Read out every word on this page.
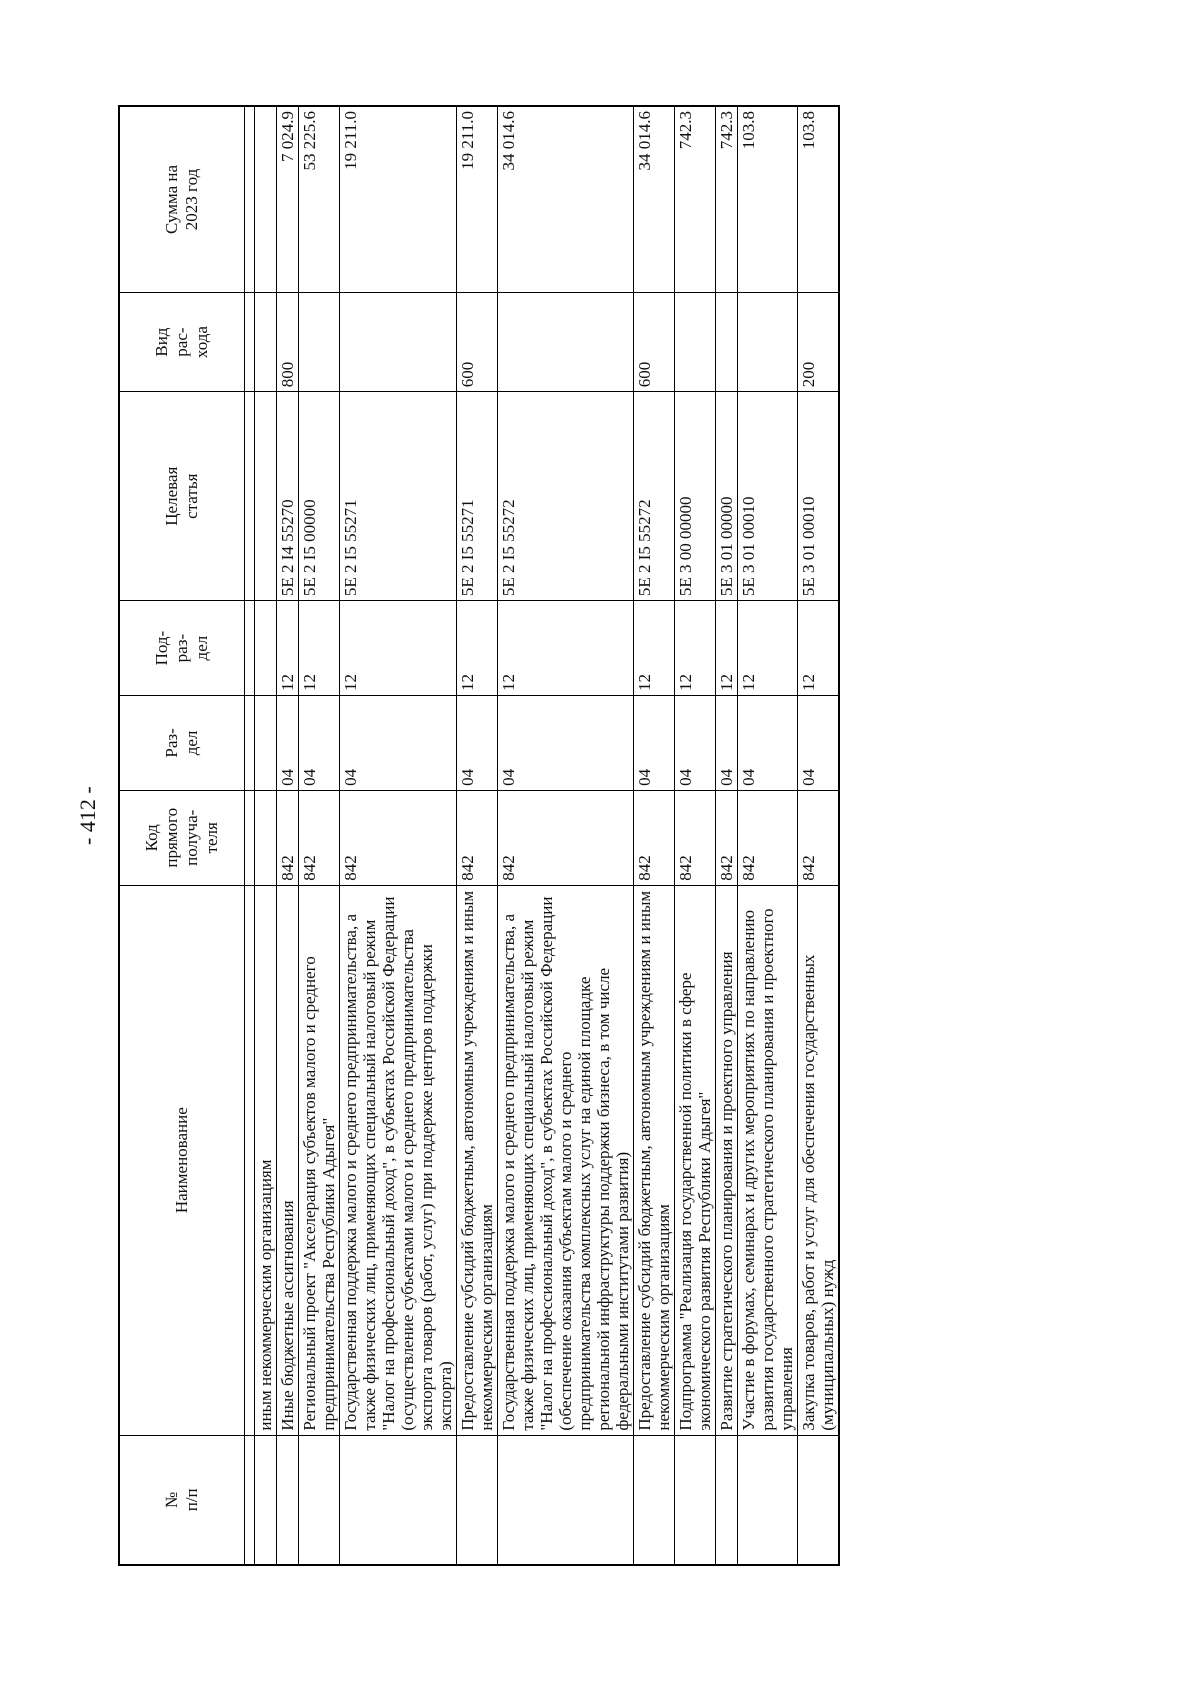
- 412 -
№ п/п	Наименование	Код прямого получа- теля	Раз- дел	Под- раз- дел	Целевая статья	Вид рас- хода	Сумма на 2023 год

	иным некоммерческим организациям						
	Иные бюджетные ассигнования	842	04	12	5E 2 I4 55270	800	7 024.9
	Региональный проект "Акселерация субъектов малого и среднего предпринимательства Республики Адыгея"	842	04	12	5E 2 I5 00000		53 225.6
	Государственная поддержка малого и среднего предпринимательства, а также физических лиц, применяющих специальный налоговый режим "Налог на профессиональный доход", в субъектах Российской Федерации (осуществление субъектами малого и среднего предпринимательства экспорта товаров (работ, услуг) при поддержке центров поддержки экспорта)	842	04	12	5E 2 I5 55271		19 211.0
	Предоставление субсидий бюджетным, автономным учреждениям и иным некоммерческим организациям	842	04	12	5E 2 I5 55271	600	19 211.0
	Государственная поддержка малого и среднего предпринимательства, а также физических лиц, применяющих специальный налоговый режим "Налог на профессиональный доход", в субъектах Российской Федерации (обеспечение оказания субъектам малого и среднего предпринимательства комплексных услуг на единой площадке региональной инфраструктуры поддержки бизнеса, в том числе федеральными институтами развития)	842	04	12	5E 2 I5 55272		34 014.6
	Предоставление субсидий бюджетным, автономным учреждениям и иным некоммерческим организациям	842	04	12	5E 2 I5 55272	600	34 014.6
	Подпрограмма "Реализация государственной политики в сфере экономического развития Республики Адыгея"	842	04	12	5E 3 00 00000		742.3
	Развитие стратегического планирования и проектного управления	842	04	12	5E 3 01 00000		742.3
	Участие в форумах, семинарах и других мероприятиях по направлению развития государственного стратегического планирования и проектного управления	842	04	12	5E 3 01 00010		103.8
	Закупка товаров, работ и услуг для обеспечения государственных (муниципальных) нужд	842	04	12	5E 3 01 00010	200	103.8
